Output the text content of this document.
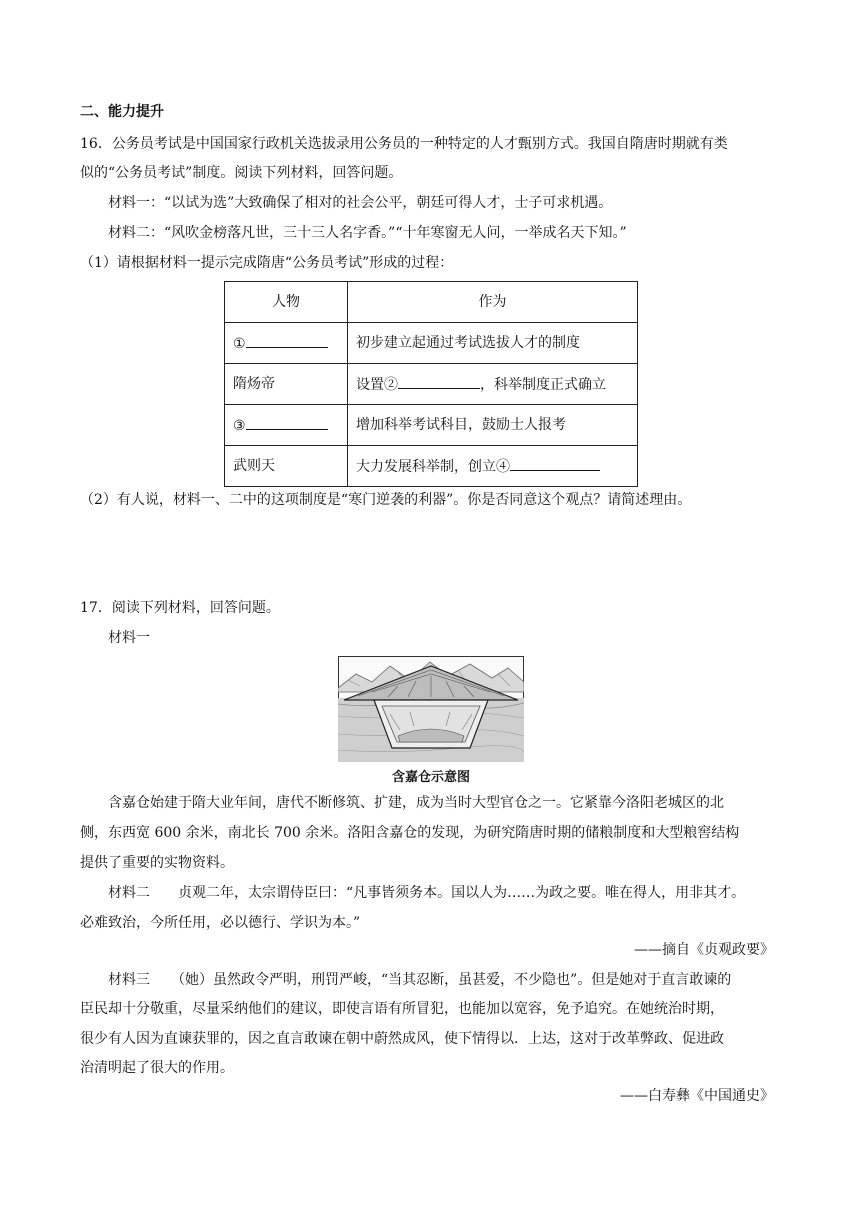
二、能力提升
16．公务员考试是中国国家行政机关选拔录用公务员的一种特定的人才甄别方式。我国自隋唐时期就有类
似的“公务员考试”制度。阅读下列材料，回答问题。
材料一：“以试为选”大致确保了相对的社会公平，朝廷可得人才，士子可求机遇。
材料二：“风吹金榜落凡世，三十三人名字香。”“十年寒窗无人问，一举成名天下知。”
（1）请根据材料一提示完成隋唐“公务员考试”形成的过程：
人物	作为
①	初步建立起通过考试选拔人才的制度
隋炀帝	设置② ，科举制度正式确立
③	增加科举考试科目，鼓励士人报考
武则天	大力发展科举制，创立④
（2）有人说，材料一、二中的这项制度是“寒门逆袭的利器”。你是否同意这个观点？请简述理由。
17．阅读下列材料，回答问题。
材料一
含嘉仓示意图
含嘉仓始建于隋大业年间，唐代不断修筑、扩建，成为当时大型官仓之一。它紧靠今洛阳老城区的北
侧，东西宽 600 余米，南北长 700 余米。洛阳含嘉仓的发现，为研究隋唐时期的储粮制度和大型粮窖结构
提供了重要的实物资料。
材料二　　贞观二年，太宗谓侍臣曰：“凡事皆须务本。国以人为……为政之要。唯在得人，用非其才。
必难致治，今所任用，必以德行、学识为本。”
——摘自《贞观政要》
材料三　　（她）虽然政令严明，刑罚严峻，“当其忍断，虽甚爱，不少隐也”。但是她对于直言敢谏的
臣民却十分敬重，尽量采纳他们的建议，即使言语有所冒犯，也能加以宽容，免予追究。在她统治时期，
很少有人因为直谏获罪的，因之直言敢谏在朝中蔚然成风，使下情得以．上达，这对于改革弊政、促进政
治清明起了很大的作用。
——白寿彝《中国通史》
